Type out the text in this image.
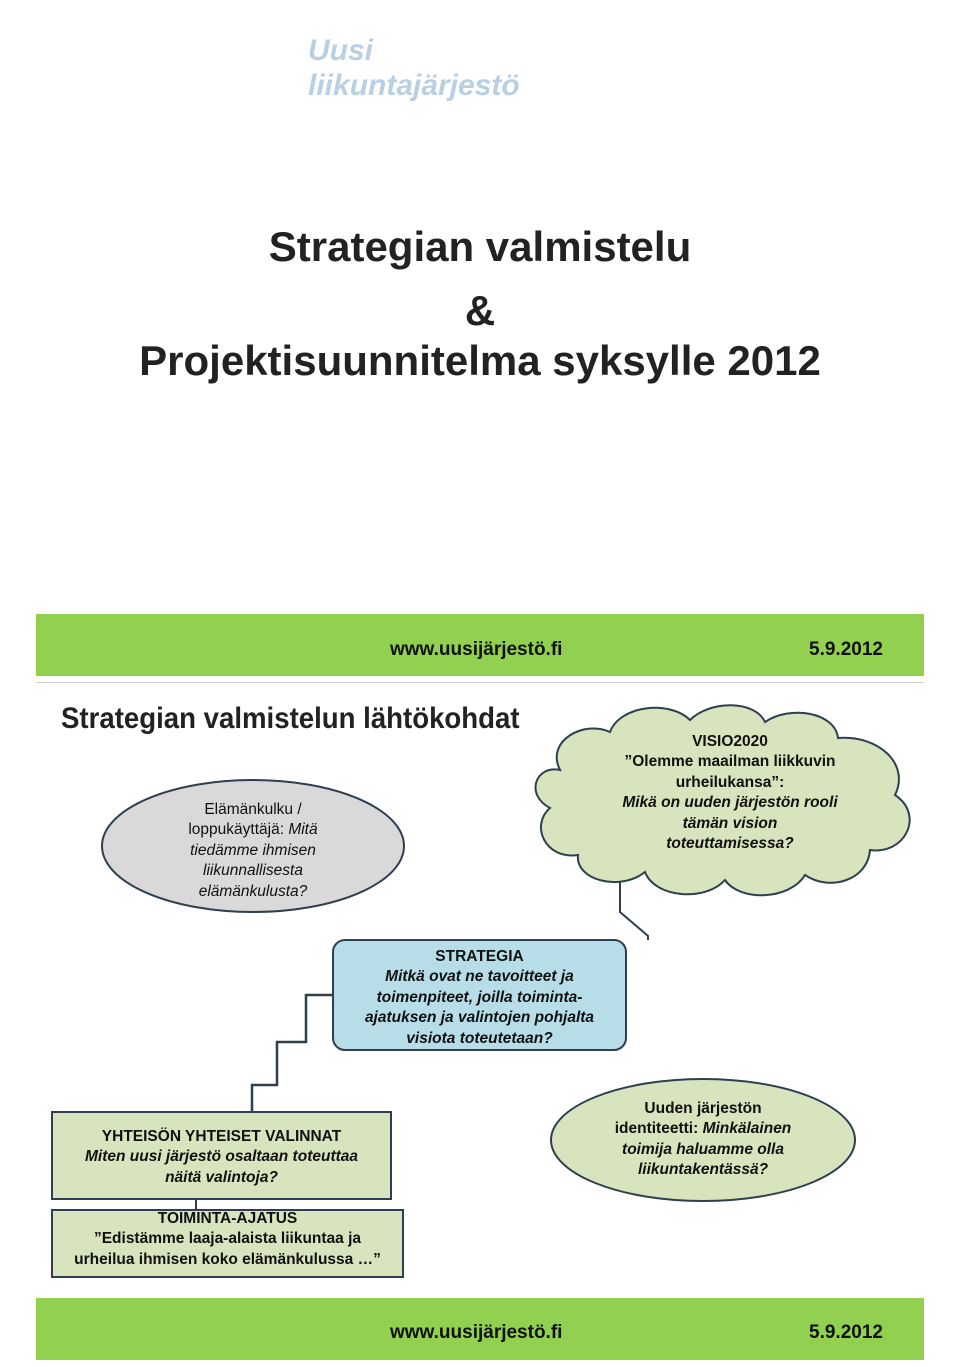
Uusi
liikuntajärjestö
Strategian valmistelu
&
Projektisuunnitelma syksylle 2012
www.uusijärjestö.fi	5.9.2012
Strategian valmistelun lähtökohdat
Elämänkulku /
loppukäyttäjä: Mitä
tiedämme ihmisen
liikunnallisesta
elämänkulusta?
VISIO2020
”Olemme maailman liikkuvin
urheilukansa”:
Mikä on uuden järjestön rooli
tämän vision
toteuttamisessa?
STRATEGIA
Mitkä ovat ne tavoitteet ja
toimenpiteet, joilla toiminta-
ajatuksen ja valintojen pohjalta
visiota toteutetaan?
Uuden järjestön
identiteetti: Minkälainen
toimija haluamme olla
liikuntakentässä?
YHTEISÖN YHTEISET VALINNAT
Miten uusi järjestö osaltaan toteuttaa
näitä valintoja?
TOIMINTA-AJATUS
”Edistämme laaja-alaista liikuntaa ja
urheilua ihmisen koko elämänkulussa …”
www.uusijärjestö.fi	5.9.2012
